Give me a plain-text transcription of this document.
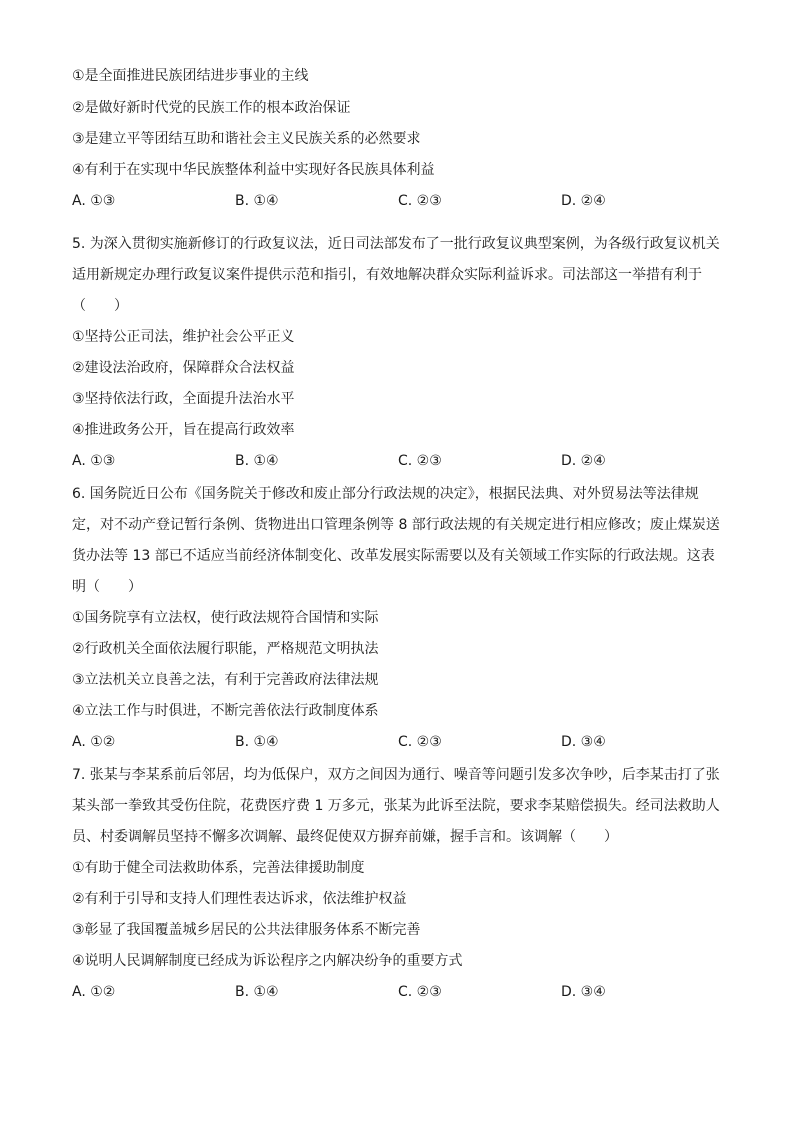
①是全面推进民族团结进步事业的主线
②是做好新时代党的民族工作的根本政治保证
③是建立平等团结互助和谐社会主义民族关系的必然要求
④有利于在实现中华民族整体利益中实现好各民族具体利益
A. ①③	B. ①④	C. ②③	D. ②④
5. 为深入贯彻实施新修订的行政复议法，近日司法部发布了一批行政复议典型案例，为各级行政复议机关
适用新规定办理行政复议案件提供示范和指引，有效地解决群众实际利益诉求。司法部这一举措有利于
（　　）
①坚持公正司法，维护社会公平正义
②建设法治政府，保障群众合法权益
③坚持依法行政，全面提升法治水平
④推进政务公开，旨在提高行政效率
A. ①③	B. ①④	C. ②③	D. ②④
6. 国务院近日公布《国务院关于修改和废止部分行政法规的决定》，根据民法典、对外贸易法等法律规
定，对不动产登记暂行条例、货物进出口管理条例等 8 部行政法规的有关规定进行相应修改；废止煤炭送
货办法等 13 部已不适应当前经济体制变化、改革发展实际需要以及有关领域工作实际的行政法规。这表
明（　　）
①国务院享有立法权，使行政法规符合国情和实际
②行政机关全面依法履行职能，严格规范文明执法
③立法机关立良善之法，有利于完善政府法律法规
④立法工作与时俱进，不断完善依法行政制度体系
A. ①②	B. ①④	C. ②③	D. ③④
7. 张某与李某系前后邻居，均为低保户，双方之间因为通行、噪音等问题引发多次争吵，后李某击打了张
某头部一拳致其受伤住院，花费医疗费 1 万多元，张某为此诉至法院，要求李某赔偿损失。经司法救助人
员、村委调解员坚持不懈多次调解、最终促使双方摒弃前嫌，握手言和。该调解（　　）
①有助于健全司法救助体系，完善法律援助制度
②有利于引导和支持人们理性表达诉求，依法维护权益
③彰显了我国覆盖城乡居民的公共法律服务体系不断完善
④说明人民调解制度已经成为诉讼程序之内解决纷争的重要方式
A. ①②	B. ①④	C. ②③	D. ③④
